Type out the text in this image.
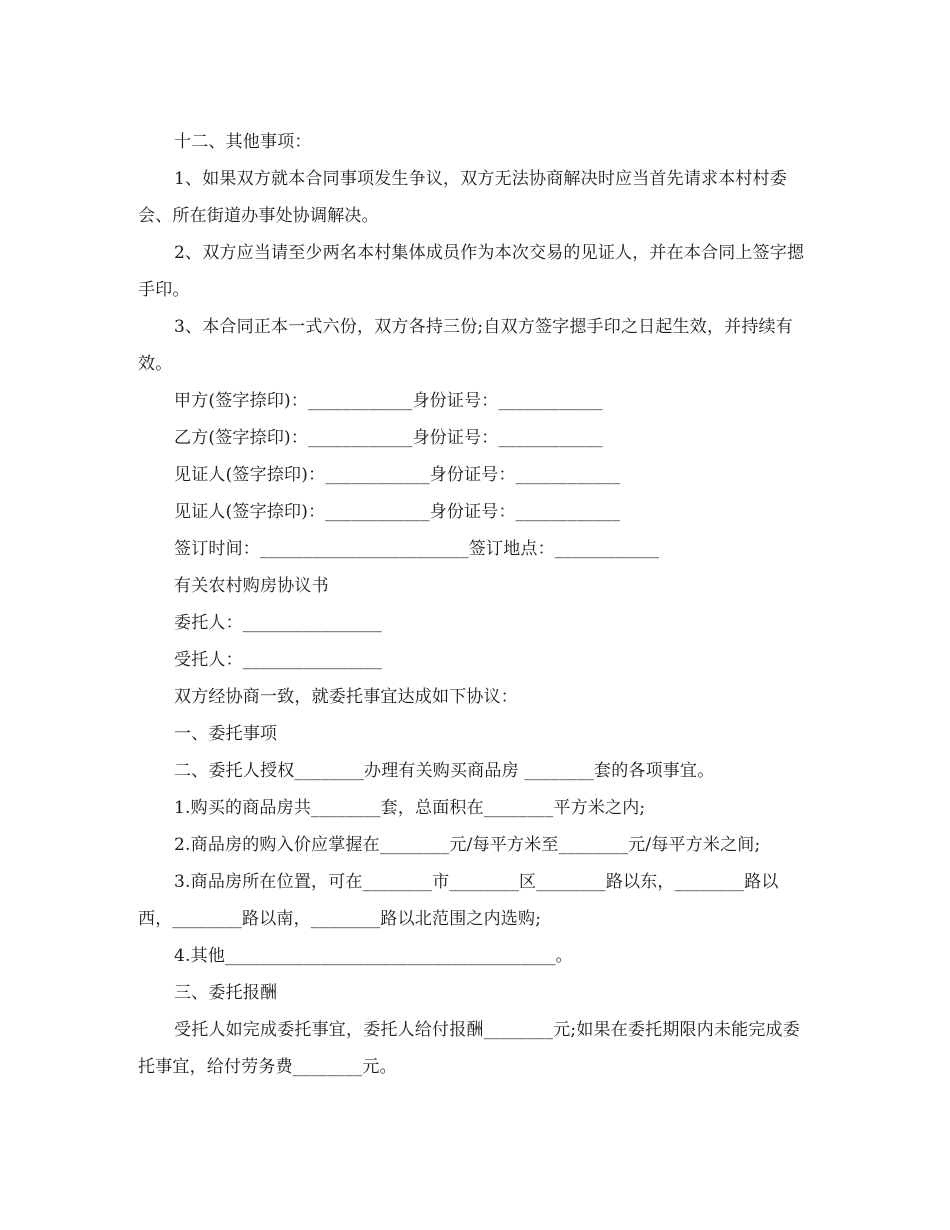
十二、其他事项：

1、如果双方就本合同事项发生争议，双方无法协商解决时应当首先请求本村村委会、所在街道办事处协调解决。

2、双方应当请至少两名本村集体成员作为本次交易的见证人，并在本合同上签字摁手印。

3、本合同正本一式六份，双方各持三份;自双方签字摁手印之日起生效，并持续有效。

甲方(签字捺印)：____________身份证号：____________

乙方(签字捺印)：____________身份证号：____________

见证人(签字捺印)：____________身份证号：____________

见证人(签字捺印)：____________身份证号：____________

签订时间：________________________签订地点：____________

有关农村购房协议书

委托人：________________

受托人：________________

双方经协商一致，就委托事宜达成如下协议：

一、委托事项

二、委托人授权________办理有关购买商品房 ________套的各项事宜。

1.购买的商品房共________套，总面积在________平方米之内;

2.商品房的购入价应掌握在________元/每平方米至________元/每平方米之间;

3.商品房所在位置，可在________市________区________路以东，________路以西，________路以南，________路以北范围之内选购;

4.其他______________________________________。

三、委托报酬

受托人如完成委托事宜，委托人给付报酬________元;如果在委托期限内未能完成委托事宜，给付劳务费________元。
